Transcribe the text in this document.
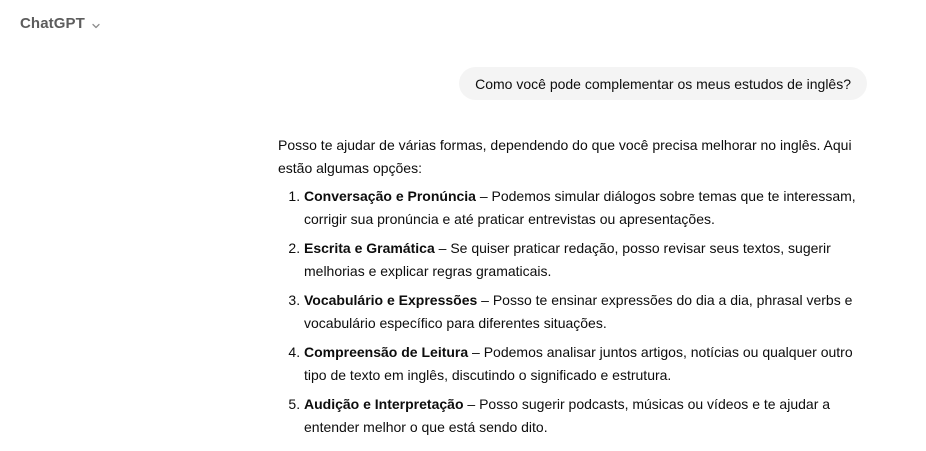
ChatGPT
Como você pode complementar os meus estudos de inglês?

Posso te ajudar de várias formas, dependendo do que você precisa melhorar no inglês. Aqui estão algumas opções:

1. Conversação e Pronúncia – Podemos simular diálogos sobre temas que te interessam, corrigir sua pronúncia e até praticar entrevistas ou apresentações.
2. Escrita e Gramática – Se quiser praticar redação, posso revisar seus textos, sugerir melhorias e explicar regras gramaticais.
3. Vocabulário e Expressões – Posso te ensinar expressões do dia a dia, phrasal verbs e vocabulário específico para diferentes situações.
4. Compreensão de Leitura – Podemos analisar juntos artigos, notícias ou qualquer outro tipo de texto em inglês, discutindo o significado e estrutura.
5. Audição e Interpretação – Posso sugerir podcasts, músicas ou vídeos e te ajudar a entender melhor o que está sendo dito.
